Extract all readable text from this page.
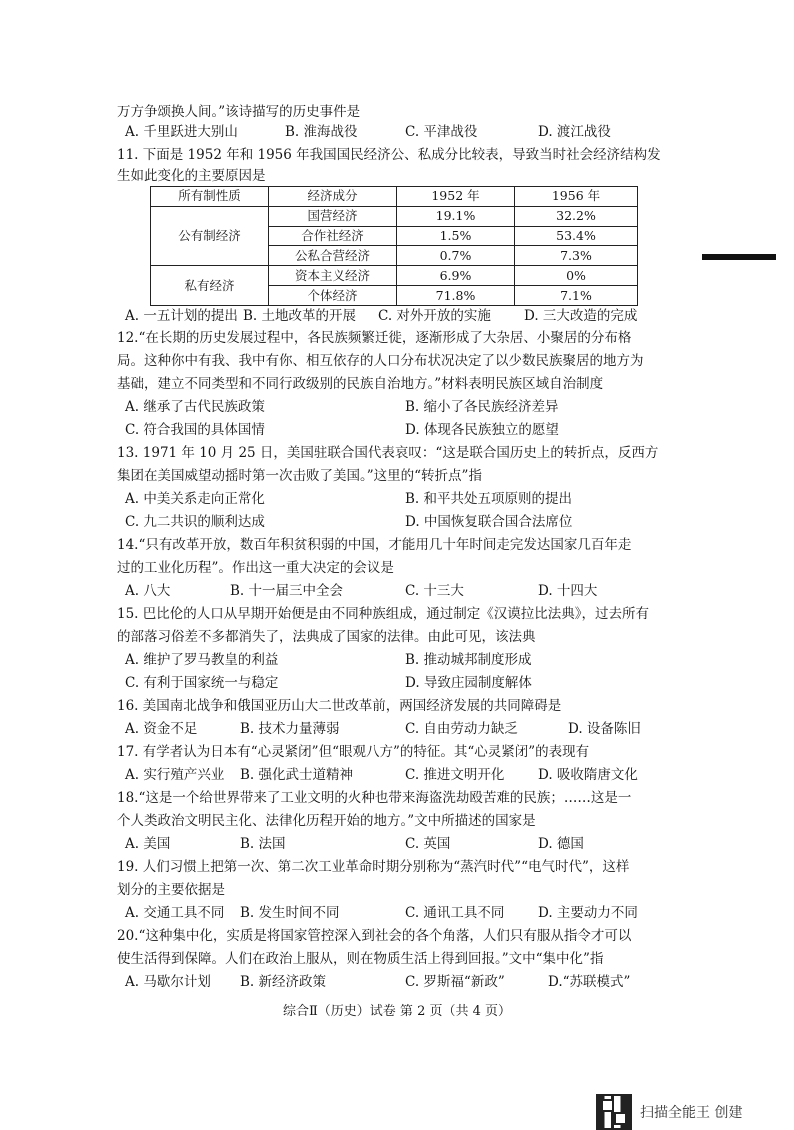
万方争颂换人间。”该诗描写的历史事件是
A. 千里跃进大别山	B. 淮海战役	C. 平津战役	D. 渡江战役
11. 下面是 1952 年和 1956 年我国国民经济公、私成分比较表，导致当时社会经济结构发
生如此变化的主要原因是
所有制性质	经济成分	1952 年	1956 年
公有制经济	国营经济	19.1%	32.2%
	合作社经济	1.5%	53.4%
	公私合营经济	0.7%	7.3%
私有经济	资本主义经济	6.9%	0%
	个体经济	71.8%	7.1%
A. 一五计划的提出 B. 土地改革的开展 C. 对外开放的实施 D. 三大改造的完成
12.“在长期的历史发展过程中，各民族频繁迁徙，逐渐形成了大杂居、小聚居的分布格
局。这种你中有我、我中有你、相互依存的人口分布状况决定了以少数民族聚居的地方为
基础，建立不同类型和不同行政级别的民族自治地方。”材料表明民族区域自治制度
A. 继承了古代民族政策	B. 缩小了各民族经济差异
C. 符合我国的具体国情	D. 体现各民族独立的愿望
13. 1971 年 10 月 25 日，美国驻联合国代表哀叹：“这是联合国历史上的转折点，反西方
集团在美国威望动摇时第一次击败了美国。”这里的“转折点”指
A. 中美关系走向正常化	B. 和平共处五项原则的提出
C. 九二共识的顺利达成	D. 中国恢复联合国合法席位
14.“只有改革开放，数百年积贫积弱的中国，才能用几十年时间走完发达国家几百年走
过的工业化历程”。作出这一重大决定的会议是
A. 八大	B. 十一届三中全会	C. 十三大	D. 十四大
15. 巴比伦的人口从早期开始便是由不同种族组成，通过制定《汉谟拉比法典》，过去所有
的部落习俗差不多都消失了，法典成了国家的法律。由此可见，该法典
A. 维护了罗马教皇的利益	B. 推动城邦制度形成
C. 有利于国家统一与稳定	D. 导致庄园制度解体
16. 美国南北战争和俄国亚历山大二世改革前，两国经济发展的共同障碍是
A. 资金不足	B. 技术力量薄弱	C. 自由劳动力缺乏	D. 设备陈旧
17. 有学者认为日本有“心灵紧闭”但“眼观八方”的特征。其“心灵紧闭”的表现有
A. 实行殖产兴业 B. 强化武士道精神	C. 推进文明开化 D. 吸收隋唐文化
18.“这是一个给世界带来了工业文明的火种也带来海盗洗劫殴苦难的民族；……这是一
个人类政治文明民主化、法律化历程开始的地方。”文中所描述的国家是
A. 美国	B. 法国	C. 英国	D. 德国
19. 人们习惯上把第一次、第二次工业革命时期分别称为“蒸汽时代”“电气时代”，这样
划分的主要依据是
A. 交通工具不同 B. 发生时间不同	C. 通讯工具不同 D. 主要动力不同
20.“这种集中化，实质是将国家管控深入到社会的各个角落，人们只有服从指令才可以
使生活得到保障。人们在政治上服从，则在物质生活上得到回报。”文中“集中化”指
A. 马歇尔计划 B. 新经济政策	C. 罗斯福“新政”	D.“苏联模式”
综合Ⅱ（历史）试卷 第 2 页（共 4 页）
扫描全能王 创建
